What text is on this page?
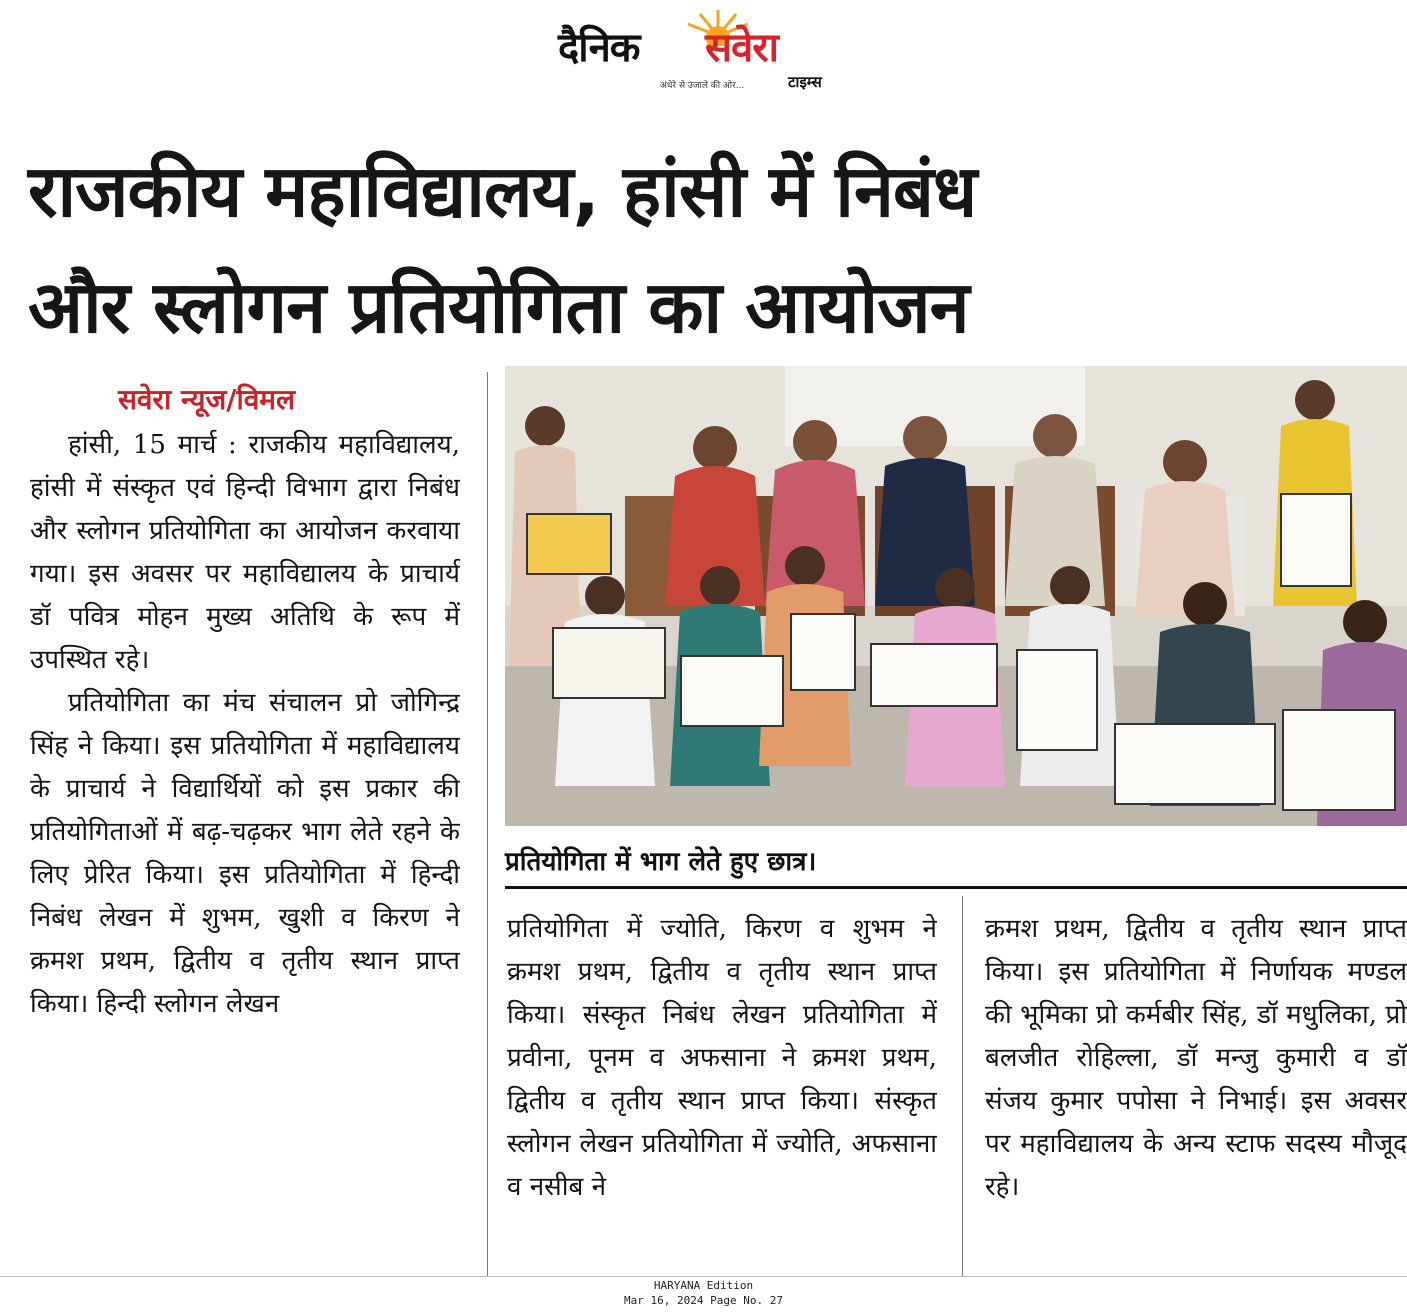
दैनिक सवेरा
अंधेरे से उजाले की ओर...	टाइम्स
राजकीय महाविद्यालय, हांसी में निबंध
और स्लोगन प्रतियोगिता का आयोजन
सवेरा न्यूज/विमल

हांसी, 15 मार्च : राजकीय महाविद्यालय, हांसी में संस्कृत एवं हिन्दी विभाग द्वारा निबंध और स्लोगन प्रतियोगिता का आयोजन करवाया गया। इस अवसर पर महाविद्यालय के प्राचार्य डॉ पवित्र मोहन मुख्य अतिथि के रूप में उपस्थित रहे।

प्रतियोगिता का मंच संचालन प्रो जोगिन्द्र सिंह ने किया। इस प्रतियोगिता में महाविद्यालय के प्राचार्य ने विद्यार्थियों को इस प्रकार की प्रतियोगिताओं में बढ़-चढ़कर भाग लेते रहने के लिए प्रेरित किया। इस प्रतियोगिता में हिन्दी निबंध लेखन में शुभम, खुशी व किरण ने क्रमश प्रथम, द्वितीय व तृतीय स्थान प्राप्त किया। हिन्दी स्लोगन लेखन

प्रतियोगिता में भाग लेते हुए छात्र।

प्रतियोगिता में ज्योति, किरण व शुभम ने क्रमश प्रथम, द्वितीय व तृतीय स्थान प्राप्त किया। संस्कृत निबंध लेखन प्रतियोगिता में प्रवीना, पूनम व अफसाना ने क्रमश प्रथम, द्वितीय व तृतीय स्थान प्राप्त किया। संस्कृत स्लोगन लेखन प्रतियोगिता में ज्योति, अफसाना व नसीब ने

क्रमश प्रथम, द्वितीय व तृतीय स्थान प्राप्त किया। इस प्रतियोगिता में निर्णायक मण्डल की भूमिका प्रो कर्मबीर सिंह, डॉ मधुलिका, प्रो बलजीत रोहिल्ला, डॉ मन्जु कुमारी व डॉ संजय कुमार पपोसा ने निभाई। इस अवसर पर महाविद्यालय के अन्य स्टाफ सदस्य मौजूद रहे।

HARYANA Edition
Mar 16, 2024 Page No. 27
